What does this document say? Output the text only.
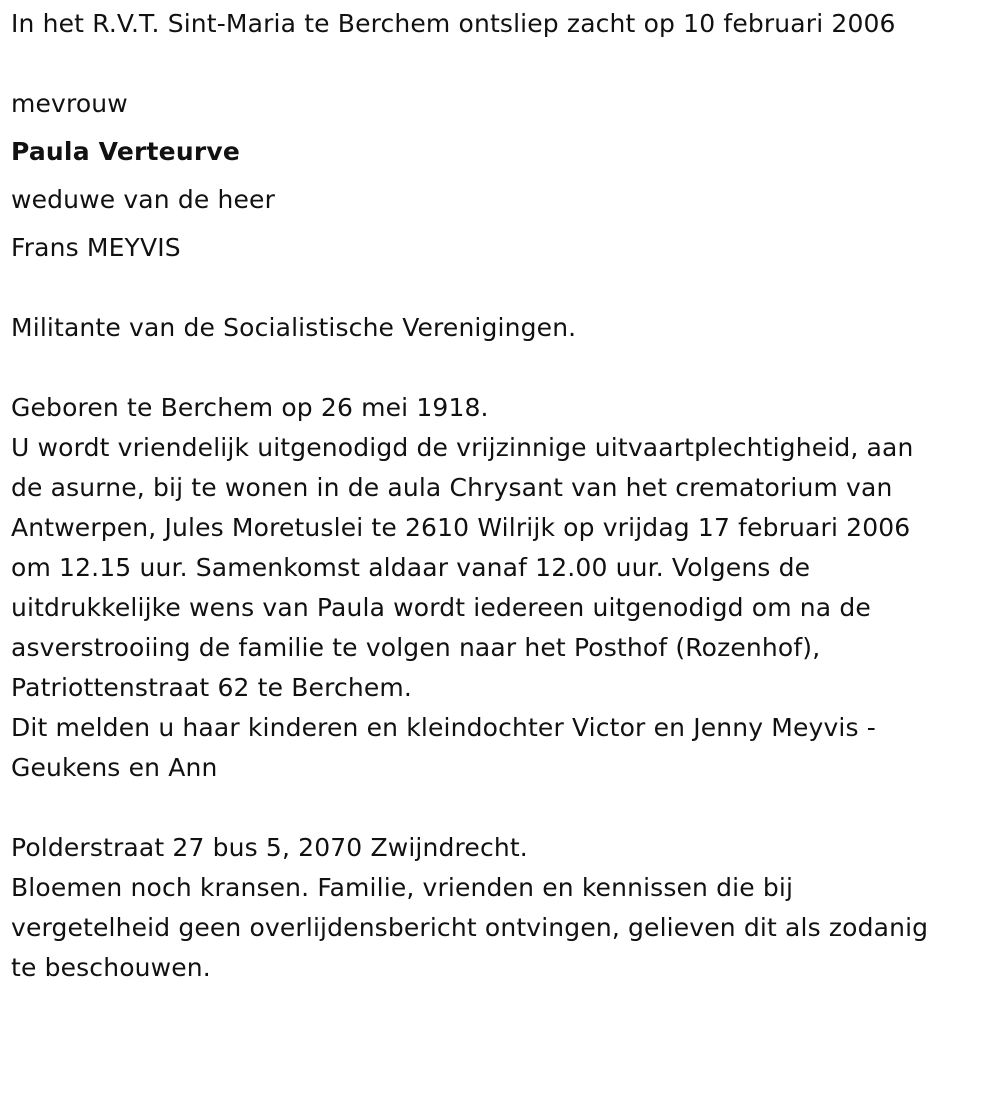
In het R.V.T. Sint-Maria te Berchem ontsliep zacht op 10 februari 2006
mevrouw
Paula Verteurve
weduwe van de heer
Frans MEYVIS
Militante van de Socialistische Verenigingen.
Geboren te Berchem op 26 mei 1918.
U wordt vriendelijk uitgenodigd de vrijzinnige uitvaartplechtigheid, aan
de asurne, bij te wonen in de aula Chrysant van het crematorium van
Antwerpen, Jules Moretuslei te 2610 Wilrijk op vrijdag 17 februari 2006
om 12.15 uur. Samenkomst aldaar vanaf 12.00 uur. Volgens de
uitdrukkelijke wens van Paula wordt iedereen uitgenodigd om na de
asverstrooiing de familie te volgen naar het Posthof (Rozenhof),
Patriottenstraat 62 te Berchem.
Dit melden u haar kinderen en kleindochter Victor en Jenny Meyvis -
Geukens en Ann
Polderstraat 27 bus 5, 2070 Zwijndrecht.
Bloemen noch kransen. Familie, vrienden en kennissen die bij
vergetelheid geen overlijdensbericht ontvingen, gelieven dit als zodanig
te beschouwen.
